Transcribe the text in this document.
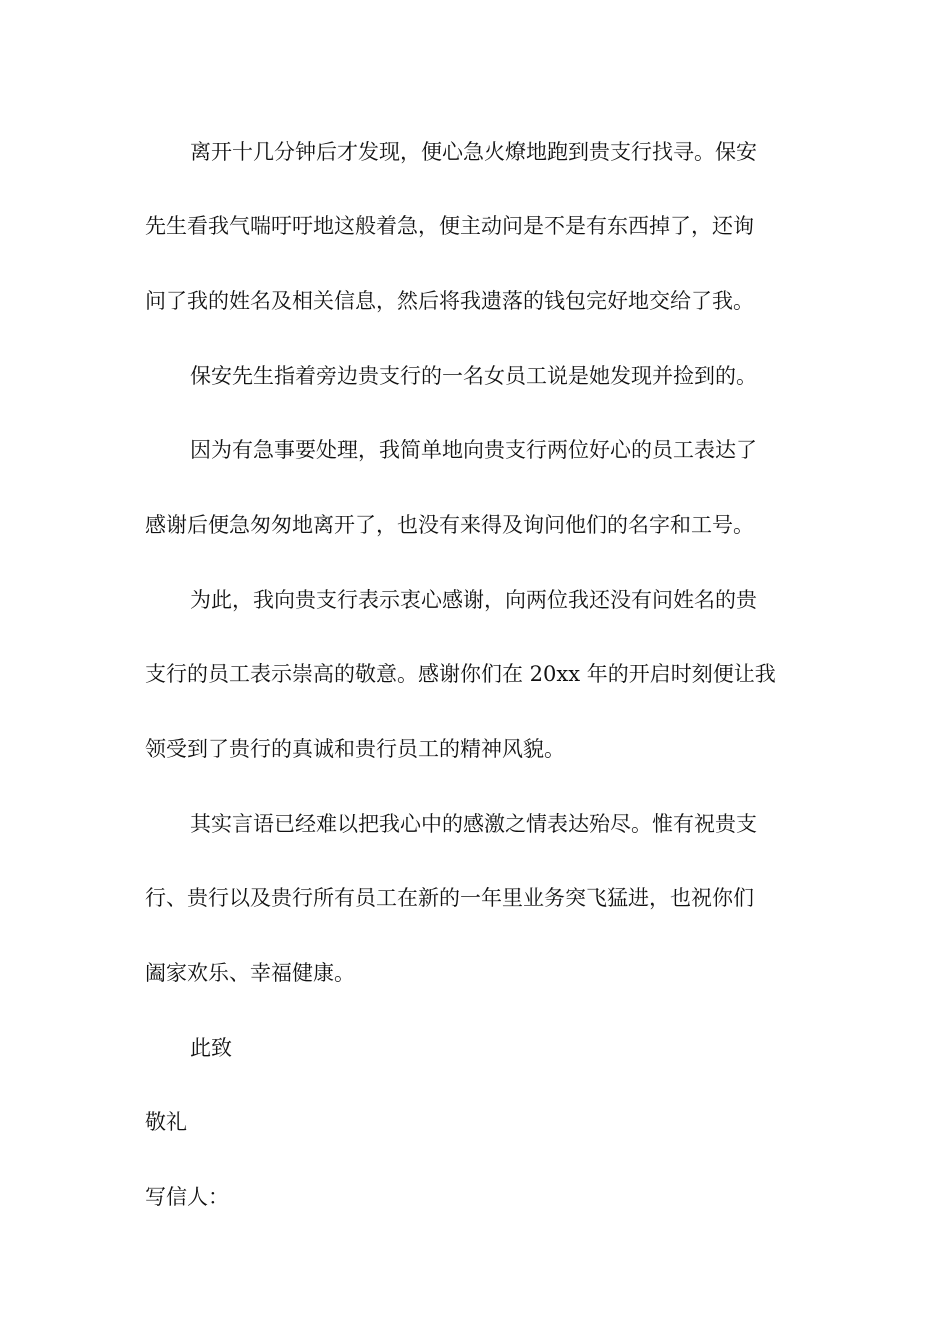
离开十几分钟后才发现，便心急火燎地跑到贵支行找寻。保安
先生看我气喘吁吁地这般着急，便主动问是不是有东西掉了，还询
问了我的姓名及相关信息，然后将我遗落的钱包完好地交给了我。
保安先生指着旁边贵支行的一名女员工说是她发现并捡到的。
因为有急事要处理，我简单地向贵支行两位好心的员工表达了
感谢后便急匆匆地离开了，也没有来得及询问他们的名字和工号。
为此，我向贵支行表示衷心感谢，向两位我还没有问姓名的贵
支行的员工表示崇高的敬意。感谢你们在 20xx 年的开启时刻便让我
领受到了贵行的真诚和贵行员工的精神风貌。
其实言语已经难以把我心中的感激之情表达殆尽。惟有祝贵支
行、贵行以及贵行所有员工在新的一年里业务突飞猛进，也祝你们
阖家欢乐、幸福健康。
此致
敬礼
写信人：
